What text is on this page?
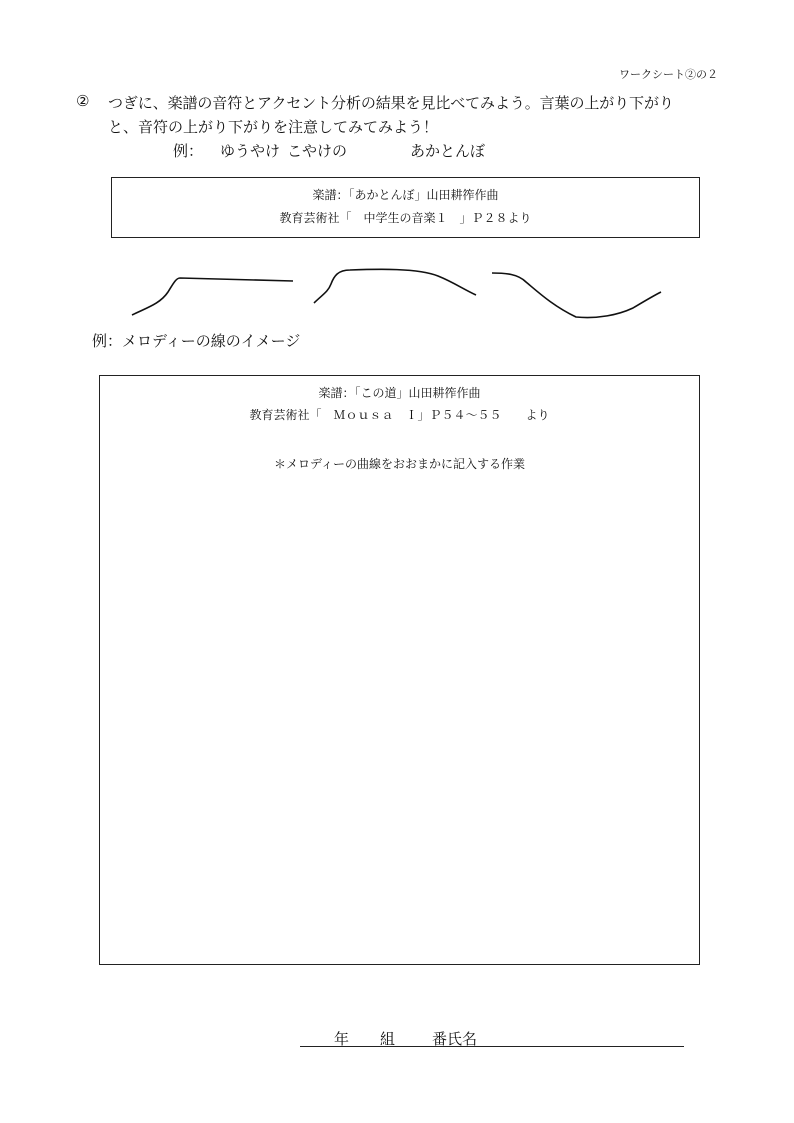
ワークシート②の２
② つぎに、楽譜の音符とアクセント分析の結果を見比べてみよう。言葉の上がり下がり
と、音符の上がり下がりを注意してみてみよう！
例： ゆうやけ こやけの	あかとんぼ
楽譜：「あかとんぼ」山田耕筰作曲
教育芸術社「　中学生の音楽１　」Ｐ２８より
例：メロディーの線のイメージ
楽譜：「この道」山田耕筰作曲
教育芸術社「　Ｍｏｕｓａ　Ｉ」Ｐ５４～５５　　より
＊メロディーの曲線をおおまかに記入する作業
年 組 番氏名
